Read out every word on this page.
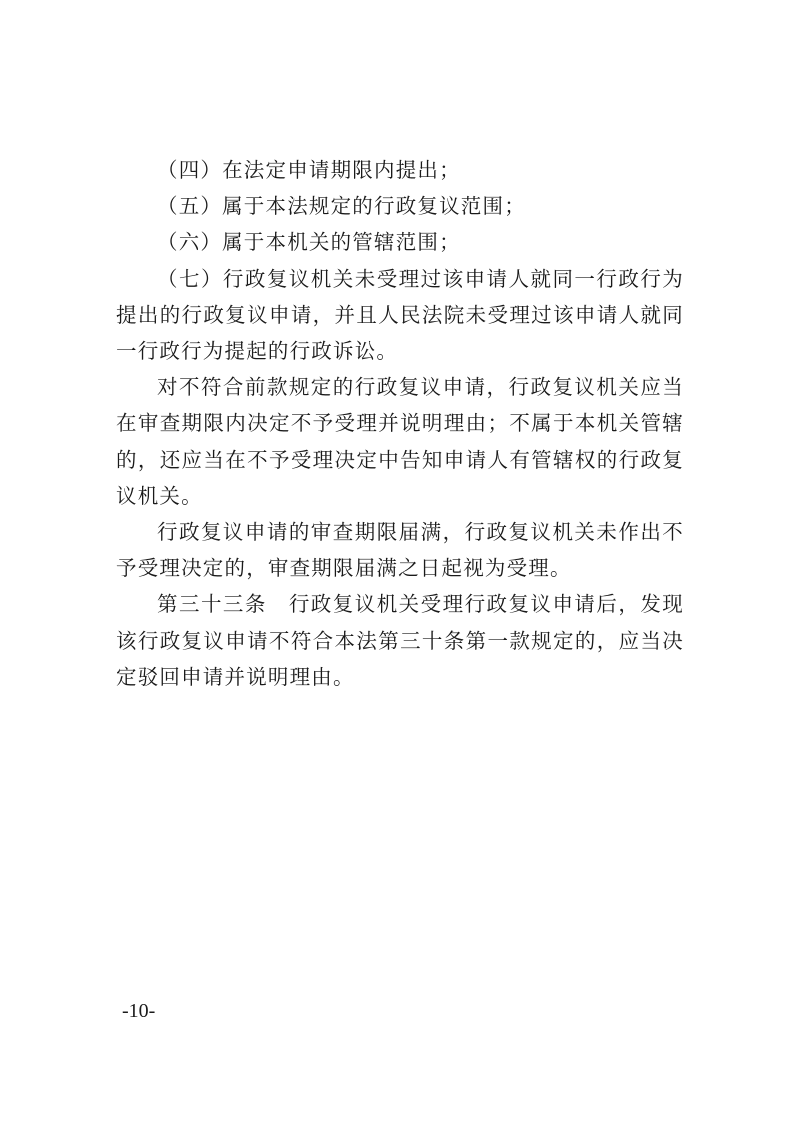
（四）在法定申请期限内提出；

（五）属于本法规定的行政复议范围；

（六）属于本机关的管辖范围；

（七）行政复议机关未受理过该申请人就同一行政行为提出的行政复议申请，并且人民法院未受理过该申请人就同一行政行为提起的行政诉讼。

对不符合前款规定的行政复议申请，行政复议机关应当在审查期限内决定不予受理并说明理由；不属于本机关管辖的，还应当在不予受理决定中告知申请人有管辖权的行政复议机关。

行政复议申请的审查期限届满，行政复议机关未作出不予受理决定的，审查期限届满之日起视为受理。

第三十三条　行政复议机关受理行政复议申请后，发现该行政复议申请不符合本法第三十条第一款规定的，应当决定驳回申请并说明理由。

-10-
